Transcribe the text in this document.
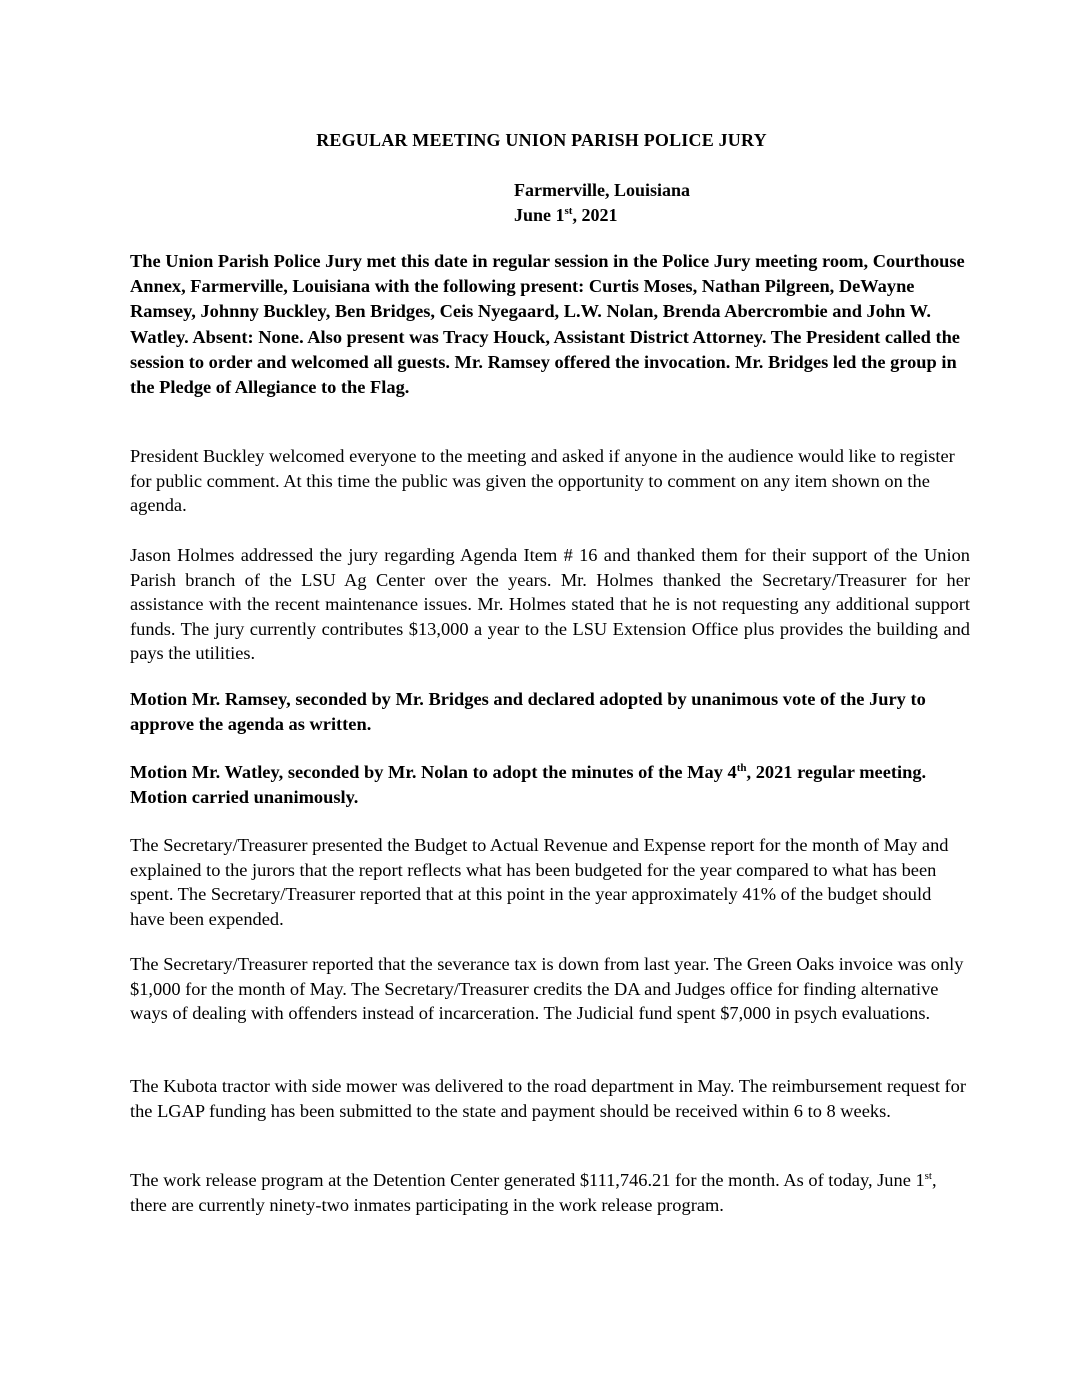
REGULAR MEETING UNION PARISH POLICE JURY
Farmerville, Louisiana
June 1st, 2021

The Union Parish Police Jury met this date in regular session in the Police Jury meeting room, Courthouse Annex, Farmerville, Louisiana with the following present: Curtis Moses, Nathan Pilgreen, DeWayne Ramsey, Johnny Buckley, Ben Bridges, Ceis Nyegaard, L.W. Nolan, Brenda Abercrombie and John W. Watley. Absent: None. Also present was Tracy Houck, Assistant District Attorney. The President called the session to order and welcomed all guests. Mr. Ramsey offered the invocation. Mr. Bridges led the group in the Pledge of Allegiance to the Flag.

President Buckley welcomed everyone to the meeting and asked if anyone in the audience would like to register for public comment. At this time the public was given the opportunity to comment on any item shown on the agenda.

Jason Holmes addressed the jury regarding Agenda Item # 16 and thanked them for their support of the Union Parish branch of the LSU Ag Center over the years. Mr. Holmes thanked the Secretary/Treasurer for her assistance with the recent maintenance issues. Mr. Holmes stated that he is not requesting any additional support funds. The jury currently contributes $13,000 a year to the LSU Extension Office plus provides the building and pays the utilities.

Motion Mr. Ramsey, seconded by Mr. Bridges and declared adopted by unanimous vote of the Jury to approve the agenda as written.

Motion Mr. Watley, seconded by Mr. Nolan to adopt the minutes of the May 4th, 2021 regular meeting. Motion carried unanimously.

The Secretary/Treasurer presented the Budget to Actual Revenue and Expense report for the month of May and explained to the jurors that the report reflects what has been budgeted for the year compared to what has been spent. The Secretary/Treasurer reported that at this point in the year approximately 41% of the budget should have been expended.

The Secretary/Treasurer reported that the severance tax is down from last year. The Green Oaks invoice was only $1,000 for the month of May. The Secretary/Treasurer credits the DA and Judges office for finding alternative ways of dealing with offenders instead of incarceration. The Judicial fund spent $7,000 in psych evaluations.

The Kubota tractor with side mower was delivered to the road department in May. The reimbursement request for the LGAP funding has been submitted to the state and payment should be received within 6 to 8 weeks.

The work release program at the Detention Center generated $111,746.21 for the month. As of today, June 1st, there are currently ninety-two inmates participating in the work release program.
